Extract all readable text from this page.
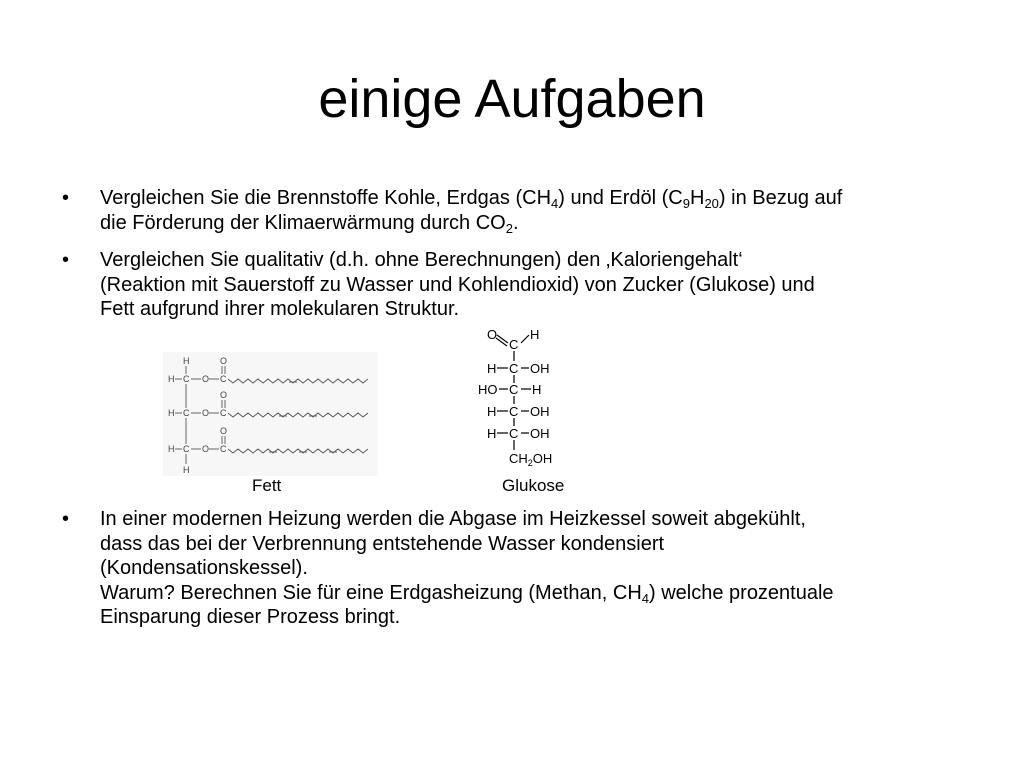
einige Aufgaben
• Vergleichen Sie die Brennstoffe Kohle, Erdgas $(CH_4)$ und Erdöl $(C_9H_{20})$ in Bezug auf
die Förderung der Klimaerwärmung durch $CO_2$.
• Vergleichen Sie qualitativ (d.h. ohne Berechnungen) den ‚Kaloriengehalt‘
(Reaktion mit Sauerstoff zu Wasser und Kohlendioxid) von Zucker (Glukose) und
Fett aufgrund ihrer molekularen Struktur.
H
H
H C O C
O
H C O C
O
H C O C
O
O	H
C
H C OH
HO C H
H C OH
H C OH
$CH_2OH$
Fett	Glukose
• In einer modernen Heizung werden die Abgase im Heizkessel soweit abgekühlt,
dass das bei der Verbrennung entstehende Wasser kondensiert
(Kondensationskessel).
Warum? Berechnen Sie für eine Erdgasheizung (Methan, $CH_4$) welche prozentuale
Einsparung dieser Prozess bringt.
